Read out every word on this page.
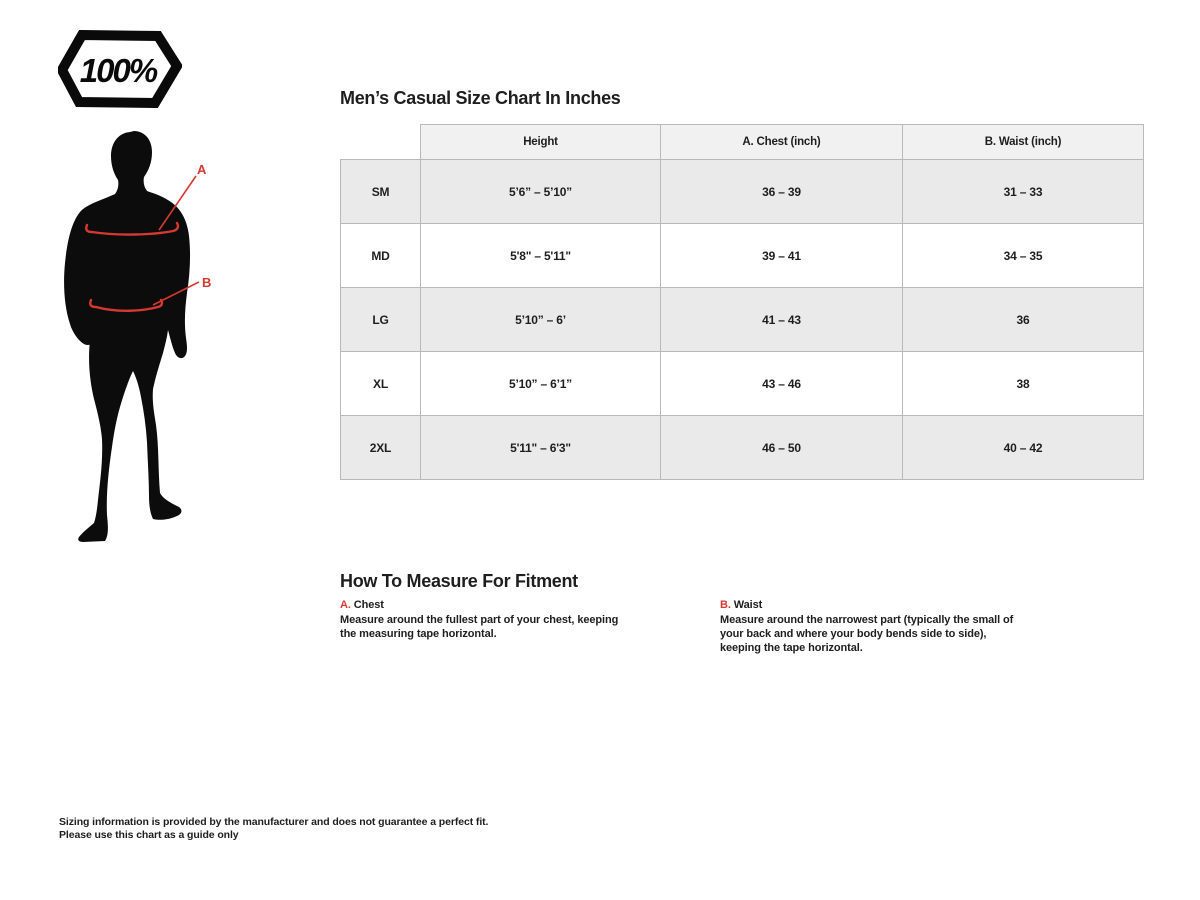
100%
A
B
Men’s Casual Size Chart In Inches
	Height	A. Chest (inch)	B. Waist (inch)
SM	5’6” – 5’10”	36 – 39	31 – 33
MD	5'8" – 5'11"	39 – 41	34 – 35
LG	5’10” – 6’	41 – 43	36
XL	5’10” – 6’1”	43 – 46	38
2XL	5'11" – 6'3"	46 – 50	40 – 42
How To Measure For Fitment
A. Chest

Measure around the fullest part of your chest, keeping the measuring tape horizontal.

B. Waist

Measure around the narrowest part (typically the small of your back and where your body bends side to side), keeping the tape horizontal.

Sizing information is provided by the manufacturer and does not guarantee a perfect fit.
Please use this chart as a guide only
